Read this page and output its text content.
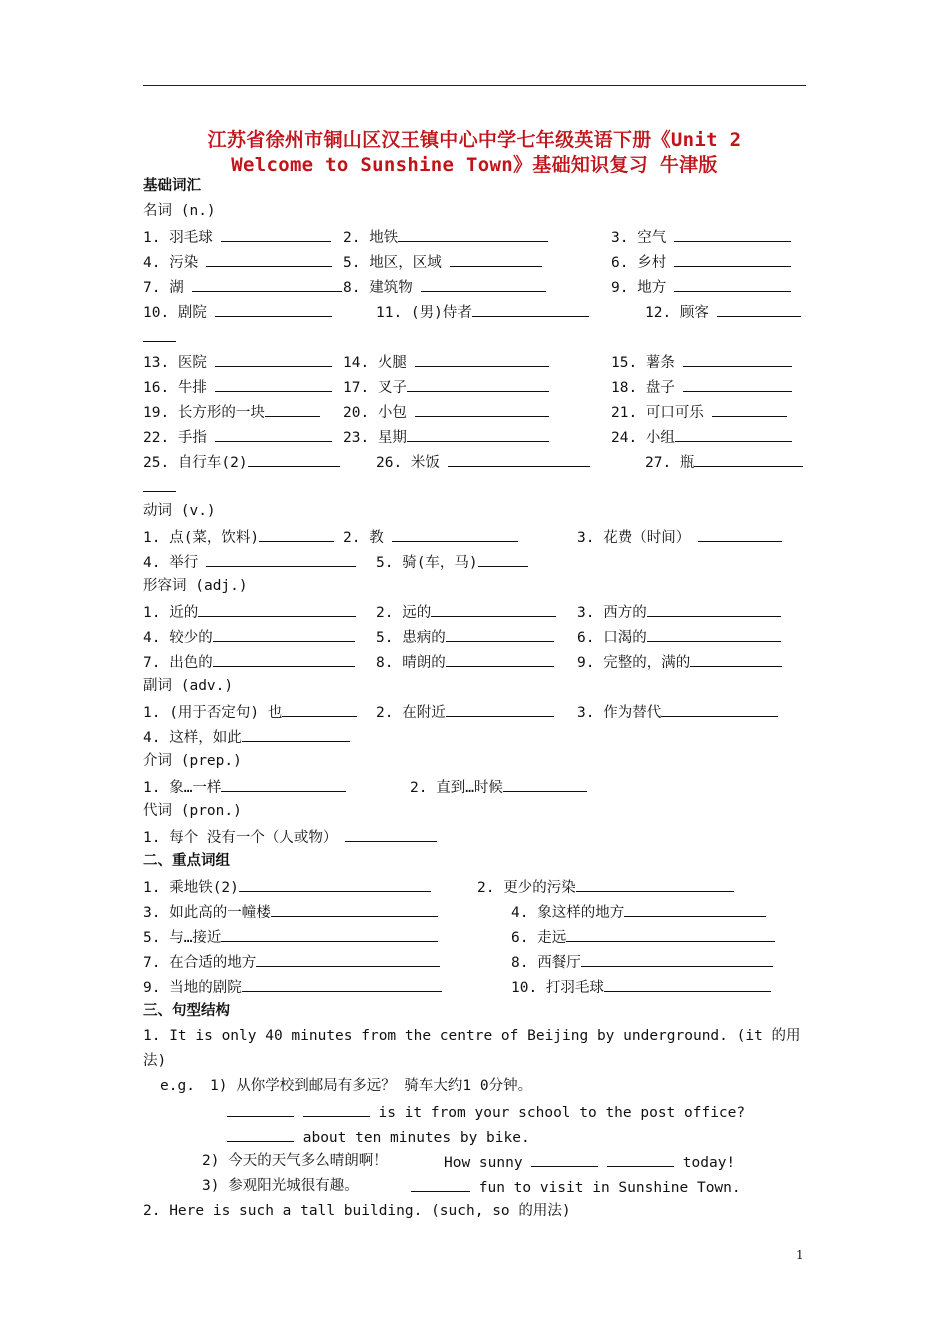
江苏省徐州市铜山区汉王镇中心中学七年级英语下册《Unit 2
Welcome to Sunshine Town》基础知识复习 牛津版
基础词汇
名词 (n.)
1. 羽毛球	2. 地铁	3. 空气
4. 污染	5. 地区，区域	6. 乡村
7. 湖	8. 建筑物	9. 地方
10. 剧院	11. (男)侍者	12. 顾客
13. 医院	14. 火腿	15. 薯条
16. 牛排	17. 叉子	18. 盘子
19. 长方形的一块	20. 小包	21. 可口可乐
22. 手指	23. 星期	24. 小组
25. 自行车(2)	26. 米饭	27. 瓶
动词 (v.)
1. 点(菜，饮料)	2. 教	3. 花费（时间）
4. 举行	5. 骑(车，马)
形容词 (adj.)
1. 近的	2. 远的	3. 西方的
4. 较少的	5. 患病的	6. 口渴的
7. 出色的	8. 晴朗的	9. 完整的，满的
副词 (adv.)
1. (用于否定句) 也	2. 在附近	3. 作为替代
4. 这样，如此
介词 (prep.)
1. 象…一样	2. 直到…时候
代词 (pron.)
1. 每个 没有一个（人或物）
二、重点词组
1. 乘地铁(2)	2. 更少的污染
3. 如此高的一幢楼	4. 象这样的地方
5. 与…接近	6. 走远
7. 在合适的地方	8. 西餐厅
9. 当地的剧院	10. 打羽毛球
三、句型结构
1. It is only 40 minutes from the centre of Beijing by underground. (it 的用
法)
e.g. 1) 从你学校到邮局有多远？ 骑车大约1 0分钟。
is it from your school to the post office?
about ten minutes by bike.
2) 今天的天气多么晴朗啊！	How sunny	today!
3) 参观阳光城很有趣。	fun to visit in Sunshine Town.
2. Here is such a tall building. (such, so 的用法)
1
